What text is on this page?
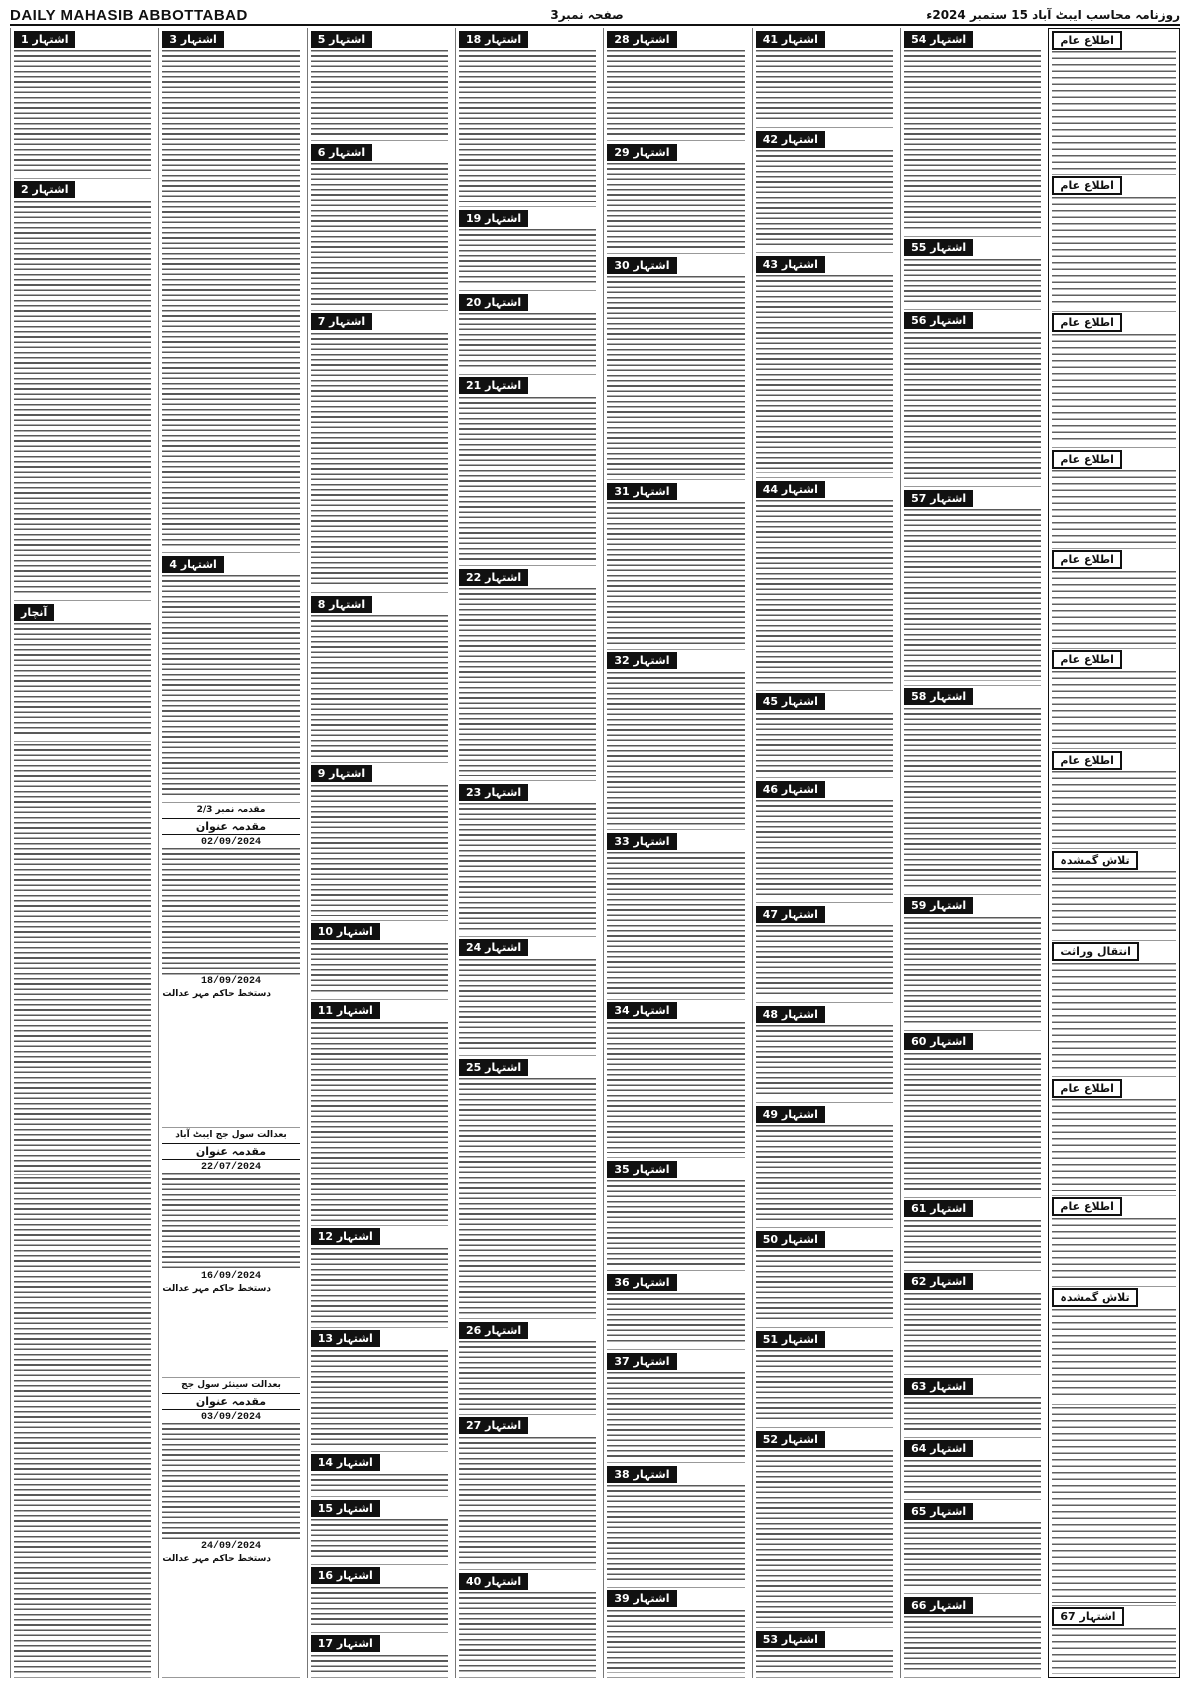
DAILY MAHASIB ABBOTTABAD	صفحہ نمبر3	روزنامہ محاسب ایبٹ آباد 15 ستمبر 2024ء
اشتہار 1
اشتہار 2
آنچار
اشتہار 3
اشتہار 4
مقدمہ نمبر 2/3
مقدمہ عنوان
02/09/2024
18/09/2024
دستخط حاکم مہر عدالت
بعدالت سول جج ایبٹ آباد
مقدمہ عنوان
22/07/2024
16/09/2024
دستخط حاکم مہر عدالت
بعدالت سینئر سول جج
مقدمہ عنوان
03/09/2024
24/09/2024
دستخط حاکم مہر عدالت
اشتہار 5
اشتہار 6
اشتہار 7
اشتہار 8
اشتہار 9
اشتہار 10
اشتہار 11
اشتہار 12
اشتہار 13
اشتہار 14
اشتہار 15
اشتہار 16
اشتہار 17
اشتہار 18
اشتہار 19
اشتہار 20
اشتہار 21
اشتہار 22
اشتہار 23
اشتہار 24
اشتہار 25
اشتہار 26
اشتہار 27
اشتہار 40
اشتہار 28
اشتہار 29
اشتہار 30
اشتہار 31
اشتہار 32
اشتہار 33
اشتہار 34
اشتہار 35
اشتہار 36
اشتہار 37
اشتہار 38
اشتہار 39
اشتہار 41
اشتہار 42
اشتہار 43
اشتہار 44
اشتہار 45
اشتہار 46
اشتہار 47
اشتہار 48
اشتہار 49
اشتہار 50
اشتہار 51
اشتہار 52
اشتہار 53
اشتہار 54
اشتہار 55
اشتہار 56
اشتہار 57
اشتہار 58
اشتہار 59
اشتہار 60
اشتہار 61
اشتہار 62
اشتہار 63
اشتہار 64
اشتہار 65
اشتہار 66
اطلاع عام
اطلاع عام
اطلاع عام
اطلاع عام
اطلاع عام
اطلاع عام
اطلاع عام
تلاش گمشدہ
انتقال وراثت
اطلاع عام
اطلاع عام
تلاش گمشدہ
اشتہار 67
